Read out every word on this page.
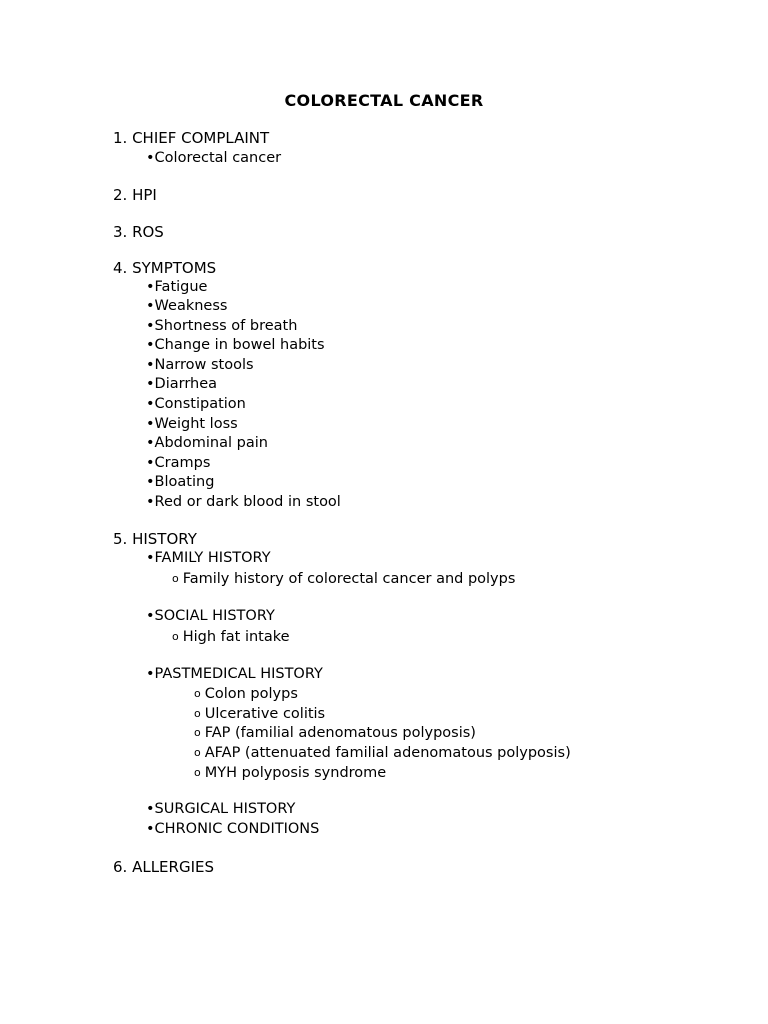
COLORECTAL CANCER
1. CHIEF COMPLAINT
•Colorectal cancer
2. HPI
3. ROS
4. SYMPTOMS
•Fatigue
•Weakness
•Shortness of breath
•Change in bowel habits
•Narrow stools
•Diarrhea
•Constipation
•Weight loss
•Abdominal pain
•Cramps
•Bloating
•Red or dark blood in stool
5. HISTORY
•FAMILY HISTORY
o Family history of colorectal cancer and polyps
•SOCIAL HISTORY
o High fat intake
•PASTMEDICAL HISTORY
o Colon polyps
o Ulcerative colitis
o FAP (familial adenomatous polyposis)
o AFAP (attenuated familial adenomatous polyposis)
o MYH polyposis syndrome
•SURGICAL HISTORY
•CHRONIC CONDITIONS
6. ALLERGIES
